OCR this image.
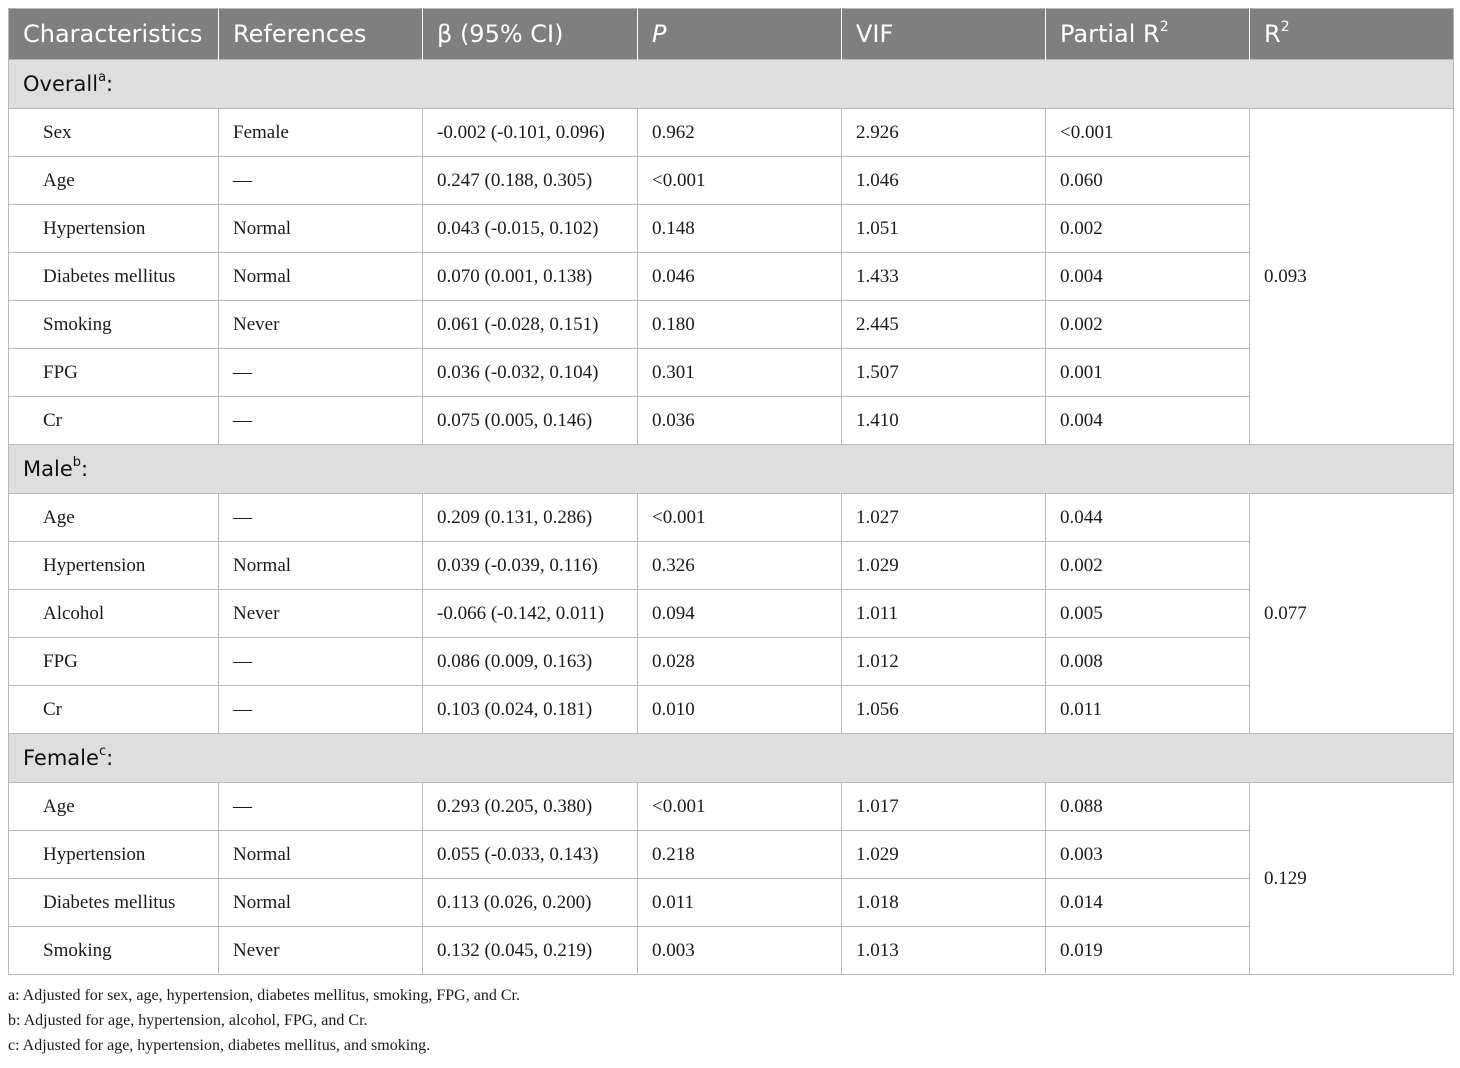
Characteristics	References	β (95% CI)	P	VIF	Partial $R^2$	$R^2$
Overall$^a$:						
Sex	Female	-0.002 (-0.101, 0.096)	0.962	2.926	<0.001	0.093
Age	—	0.247 (0.188, 0.305)	<0.001	1.046	0.060	
Hypertension	Normal	0.043 (-0.015, 0.102)	0.148	1.051	0.002	
Diabetes mellitus	Normal	0.070 (0.001, 0.138)	0.046	1.433	0.004	
Smoking	Never	0.061 (-0.028, 0.151)	0.180	2.445	0.002	
FPG	—	0.036 (-0.032, 0.104)	0.301	1.507	0.001	
Cr	—	0.075 (0.005, 0.146)	0.036	1.410	0.004	
Male$^b$:						
Age	—	0.209 (0.131, 0.286)	<0.001	1.027	0.044	0.077
Hypertension	Normal	0.039 (-0.039, 0.116)	0.326	1.029	0.002	
Alcohol	Never	-0.066 (-0.142, 0.011)	0.094	1.011	0.005	
FPG	—	0.086 (0.009, 0.163)	0.028	1.012	0.008	
Cr	—	0.103 (0.024, 0.181)	0.010	1.056	0.011	
Female$^c$:						
Age	—	0.293 (0.205, 0.380)	<0.001	1.017	0.088	0.129
Hypertension	Normal	0.055 (-0.033, 0.143)	0.218	1.029	0.003	
Diabetes mellitus	Normal	0.113 (0.026, 0.200)	0.011	1.018	0.014	
Smoking	Never	0.132 (0.045, 0.219)	0.003	1.013	0.019	
a: Adjusted for sex, age, hypertension, diabetes mellitus, smoking, FPG, and Cr.
b: Adjusted for age, hypertension, alcohol, FPG, and Cr.
c: Adjusted for age, hypertension, diabetes mellitus, and smoking.
